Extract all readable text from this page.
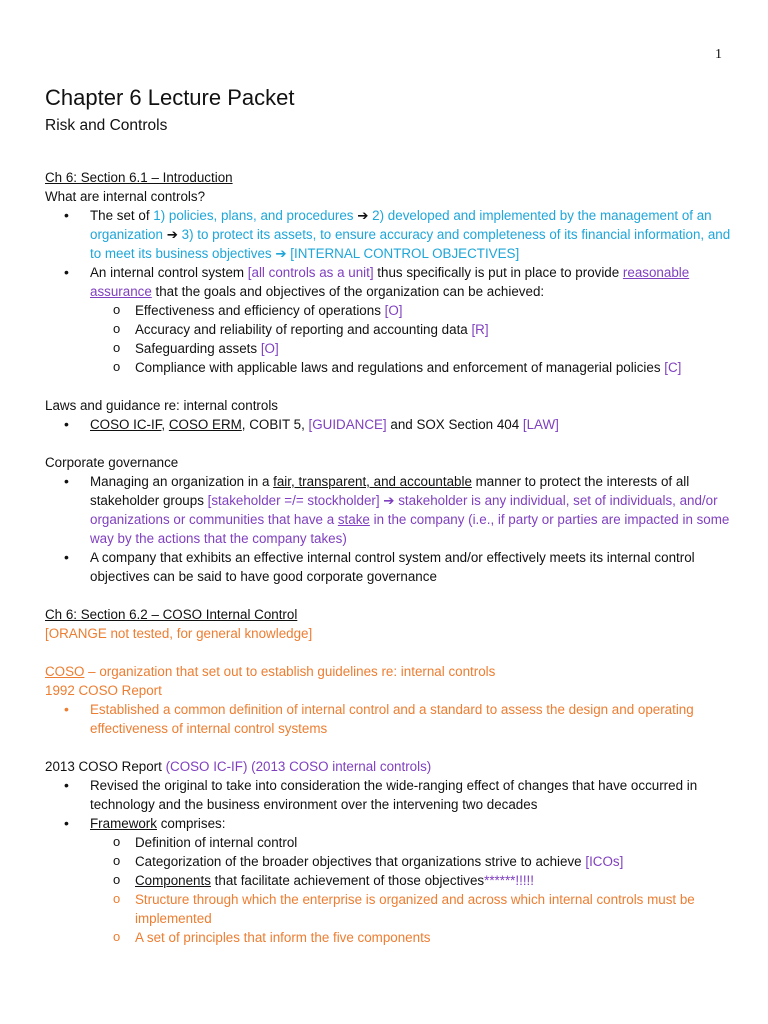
1
Chapter 6 Lecture Packet

Risk and Controls

Ch 6: Section 6.1 – Introduction

What are internal controls?

• The set of 1) policies, plans, and procedures ➔ 2) developed and implemented by the management of an organization ➔ 3) to protect its assets, to ensure accuracy and completeness of its financial information, and to meet its business objectives ➔ [INTERNAL CONTROL OBJECTIVES]
• An internal control system [all controls as a unit] thus specifically is put in place to provide reasonable assurance that the goals and objectives of the organization can be achieved:
o Effectiveness and efficiency of operations [O]
o Accuracy and reliability of reporting and accounting data [R]
o Safeguarding assets [O]
o Compliance with applicable laws and regulations and enforcement of managerial policies [C]

Laws and guidance re: internal controls

• COSO IC-IF, COSO ERM, COBIT 5, [GUIDANCE] and SOX Section 404 [LAW]

Corporate governance

• Managing an organization in a fair, transparent, and accountable manner to protect the interests of all stakeholder groups [stakeholder =/= stockholder] ➔ stakeholder is any individual, set of individuals, and/or organizations or communities that have a stake in the company (i.e., if party or parties are impacted in some way by the actions that the company takes)
• A company that exhibits an effective internal control system and/or effectively meets its internal control objectives can be said to have good corporate governance

Ch 6: Section 6.2 – COSO Internal Control

[ORANGE not tested, for general knowledge]

COSO – organization that set out to establish guidelines re: internal controls

1992 COSO Report

• Established a common definition of internal control and a standard to assess the design and operating effectiveness of internal control systems

2013 COSO Report (COSO IC-IF) (2013 COSO internal controls)

• Revised the original to take into consideration the wide-ranging effect of changes that have occurred in technology and the business environment over the intervening two decades
• Framework comprises:
o Definition of internal control
o Categorization of the broader objectives that organizations strive to achieve [ICOs]
o Components that facilitate achievement of those objectives******!!!!!
o Structure through which the enterprise is organized and across which internal controls must be implemented
o A set of principles that inform the five components
